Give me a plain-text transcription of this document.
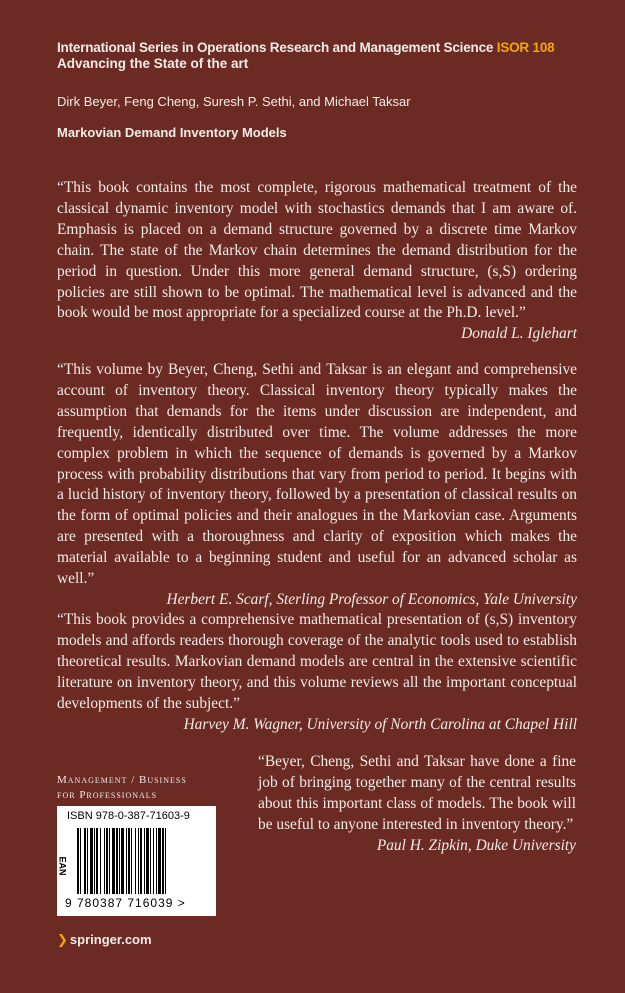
International Series in Operations Research and Management Science ISOR 108
Advancing the State of the art
Dirk Beyer, Feng Cheng, Suresh P. Sethi, and Michael Taksar
Markovian Demand Inventory Models

“This book contains the most complete, rigorous mathematical treatment of the classical dynamic inventory model with stochastics demands that I am aware of. Emphasis is placed on a demand structure governed by a discrete time Markov chain. The state of the Markov chain determines the demand distribution for the period in question. Under this more general demand structure, (s,S) ordering policies are still shown to be optimal. The mathematical level is advanced and the book would be most appropriate for a specialized course at the Ph.D. level.”

Donald L. Iglehart

“This volume by Beyer, Cheng, Sethi and Taksar is an elegant and comprehensive account of inventory theory. Classical inventory theory typically makes the assumption that demands for the items under discussion are independent, and frequently, identically distributed over time. The volume addresses the more complex problem in which the sequence of demands is governed by a Markov process with probability distributions that vary from period to period. It begins with a lucid history of inventory theory, followed by a presentation of classical results on the form of optimal policies and their analogues in the Markovian case. Arguments are presented with a thoroughness and clarity of exposition which makes the material available to a beginning student and useful for an advanced scholar as well.”

Herbert E. Scarf, Sterling Professor of Economics, Yale University

“This book provides a comprehensive mathematical presentation of (s,S) inventory models and affords readers thorough coverage of the analytic tools used to establish theoretical results. Markovian demand models are central in the extensive scientific literature on inventory theory, and this volume reviews all the important conceptual developments of the subject.”

Harvey M. Wagner, University of North Carolina at Chapel Hill

“Beyer, Cheng, Sethi and Taksar have done a fine job of bringing together many of the central results about this important class of models. The book will be useful to anyone interested in inventory theory.”

Paul H. Zipkin, Duke University
Management / Business
for Professionals
ISBN 978-0-387-71603-9
EAN
9 780387 716039 >
❯ springer.com
